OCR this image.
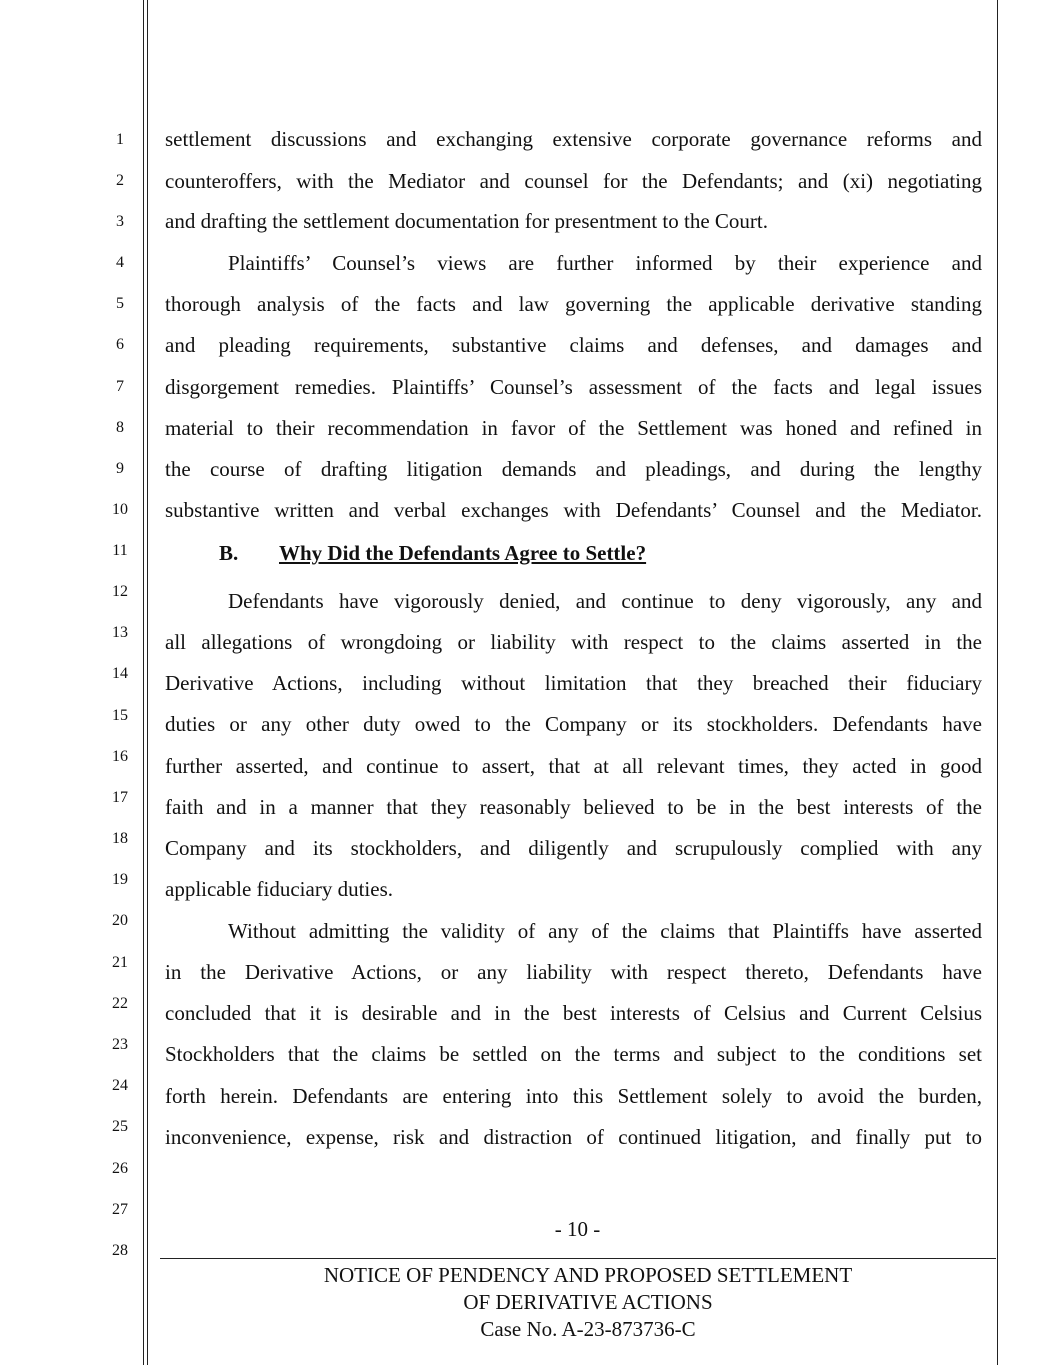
1
2
3
4
5
6
7
8
9
10
11
12
13
14
15
16
17
18
19
20
21
22
23
24
25
26
27
28
settlement discussions and exchanging extensive corporate governance reforms and
counteroffers, with the Mediator and counsel for the Defendants; and (xi) negotiating
and drafting the settlement documentation for presentment to the Court.
Plaintiffs’ Counsel’s views are further informed by their experience and
thorough analysis of the facts and law governing the applicable derivative standing
and pleading requirements, substantive claims and defenses, and damages and
disgorgement remedies. Plaintiffs’ Counsel’s assessment of the facts and legal issues
material to their recommendation in favor of the Settlement was honed and refined in
the course of drafting litigation demands and pleadings, and during the lengthy
substantive written and verbal exchanges with Defendants’ Counsel and the Mediator.
B. Why Did the Defendants Agree to Settle?
Defendants have vigorously denied, and continue to deny vigorously, any and
all allegations of wrongdoing or liability with respect to the claims asserted in the
Derivative Actions, including without limitation that they breached their fiduciary
duties or any other duty owed to the Company or its stockholders. Defendants have
further asserted, and continue to assert, that at all relevant times, they acted in good
faith and in a manner that they reasonably believed to be in the best interests of the
Company and its stockholders, and diligently and scrupulously complied with any
applicable fiduciary duties.
Without admitting the validity of any of the claims that Plaintiffs have asserted
in the Derivative Actions, or any liability with respect thereto, Defendants have
concluded that it is desirable and in the best interests of Celsius and Current Celsius
Stockholders that the claims be settled on the terms and subject to the conditions set
forth herein. Defendants are entering into this Settlement solely to avoid the burden,
inconvenience, expense, risk and distraction of continued litigation, and finally put to
- 10 -
NOTICE OF PENDENCY AND PROPOSED SETTLEMENT
OF DERIVATIVE ACTIONS
Case No. A-23-873736-C
